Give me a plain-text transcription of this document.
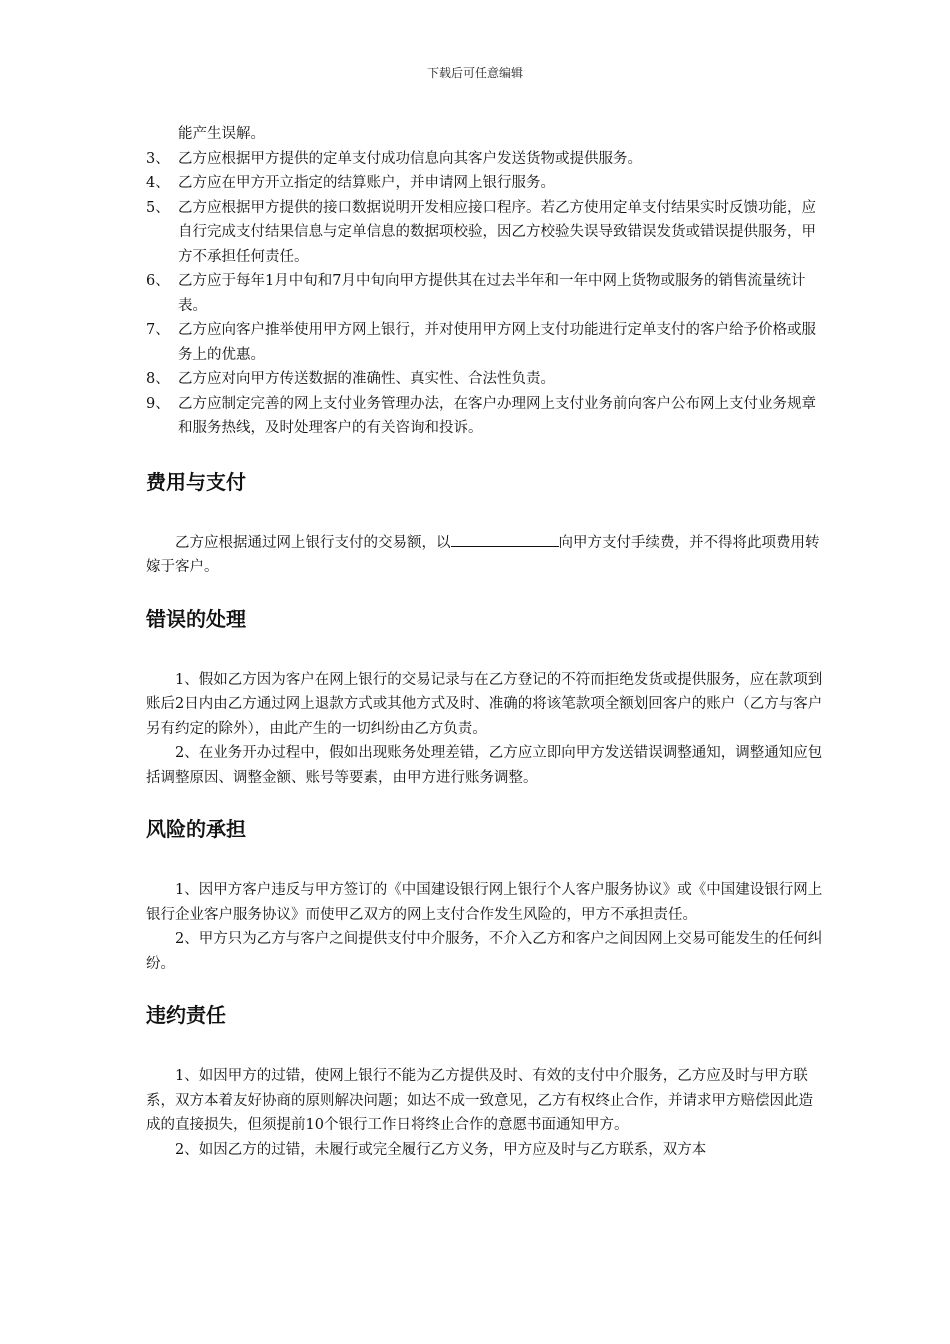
下载后可任意编辑
能产生误解。
3、 乙方应根据甲方提供的定单支付成功信息向其客户发送货物或提供服务。
4、 乙方应在甲方开立指定的结算账户，并申请网上银行服务。
5、 乙方应根据甲方提供的接口数据说明开发相应接口程序。若乙方使用定单支付结果实时反馈功能，应自行完成支付结果信息与定单信息的数据项校验，因乙方校验失误导致错误发货或错误提供服务，甲方不承担任何责任。
6、 乙方应于每年1月中旬和7月中旬向甲方提供其在过去半年和一年中网上货物或服务的销售流量统计表。
7、 乙方应向客户推举使用甲方网上银行，并对使用甲方网上支付功能进行定单支付的客户给予价格或服务上的优惠。
8、 乙方应对向甲方传送数据的准确性、真实性、合法性负责。
9、 乙方应制定完善的网上支付业务管理办法，在客户办理网上支付业务前向客户公布网上支付业务规章和服务热线，及时处理客户的有关咨询和投诉。
费用与支付

乙方应根据通过网上银行支付的交易额，以	向甲方支付手续费，并不得将此项费用转嫁于客户。

错误的处理

1、假如乙方因为客户在网上银行的交易记录与在乙方登记的不符而拒绝发货或提供服务，应在款项到账后2日内由乙方通过网上退款方式或其他方式及时、准确的将该笔款项全额划回客户的账户（乙方与客户另有约定的除外），由此产生的一切纠纷由乙方负责。

2、在业务开办过程中，假如出现账务处理差错，乙方应立即向甲方发送错误调整通知，调整通知应包括调整原因、调整金额、账号等要素，由甲方进行账务调整。

风险的承担

1、因甲方客户违反与甲方签订的《中国建设银行网上银行个人客户服务协议》或《中国建设银行网上银行企业客户服务协议》而使甲乙双方的网上支付合作发生风险的，甲方不承担责任。

2、甲方只为乙方与客户之间提供支付中介服务，不介入乙方和客户之间因网上交易可能发生的任何纠纷。

违约责任

1、如因甲方的过错，使网上银行不能为乙方提供及时、有效的支付中介服务，乙方应及时与甲方联系，双方本着友好协商的原则解决问题；如达不成一致意见，乙方有权终止合作，并请求甲方赔偿因此造成的直接损失，但须提前10个银行工作日将终止合作的意愿书面通知甲方。

2、如因乙方的过错，未履行或完全履行乙方义务，甲方应及时与乙方联系，双方本
